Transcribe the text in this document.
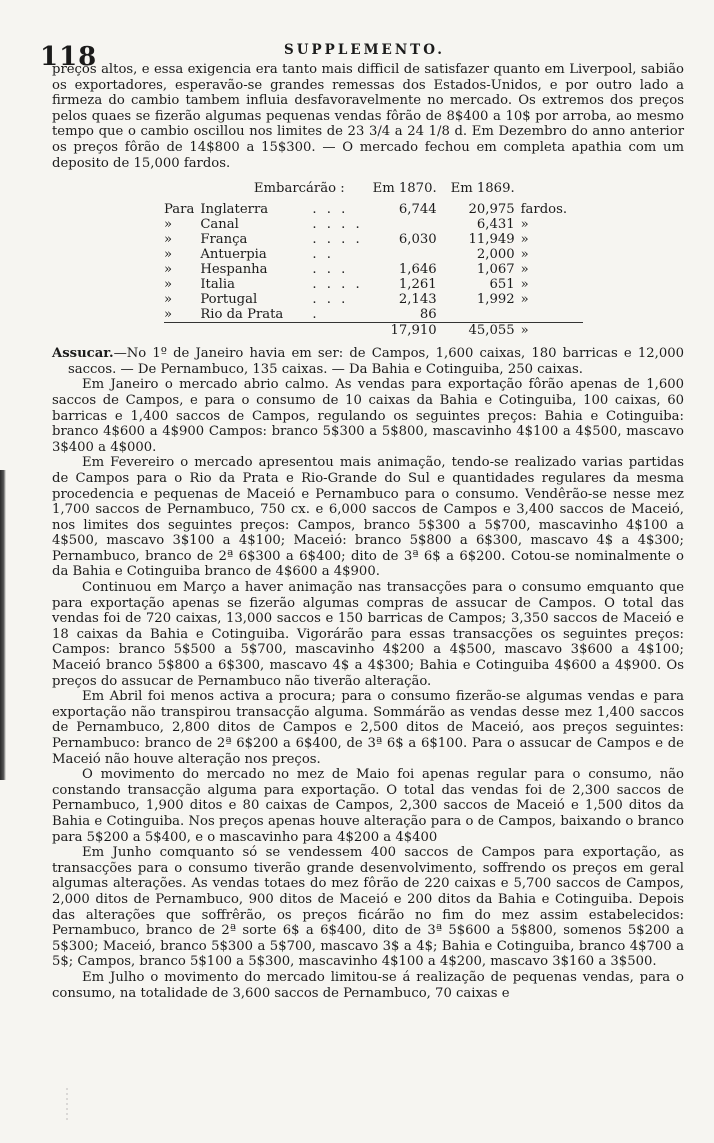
118	SUPPLEMENTO.

preços altos, e essa exigencia era tanto mais difficil de satisfazer quanto em Liverpool, sabião os exportadores, esperavão-se grandes remessas dos Estados-Unidos, e por outro lado a firmeza do cambio tambem influia desfavoravelmente no mercado. Os extremos dos preços pelos quaes se fizerão algumas pequenas vendas fôrão de 8$400 a 10$ por arroba, ao mesmo tempo que o cambio oscillou nos limites de 23 3/4 a 24 1/8 d. Em Dezembro do anno anterior os preços fôrão de 14$800 a 15$300. — O mercado fechou em completa apathia com um deposito de 15,000 fardos.

Embarcárão :			Em 1870.	Em 1869.	
Para	Inglaterra	. . .	6,744	20,975	fardos.
»	Canal	. . . .		6,431	»
»	França	. . . .	6,030	11,949	»
»	Antuerpia	. .		2,000	»
»	Hespanha	. . .	1,646	1,067	»
»	Italia	. . . .	1,261	651	»
»	Portugal	. . .	2,143	1,992	»
»	Rio da Prata	.	86		
			17,910	45,055	»

Assucar.—No 1º de Janeiro havia em ser: de Campos, 1,600 caixas, 180 barricas e 12,000 saccos. — De Pernambuco, 135 caixas. — Da Bahia e Cotinguiba, 250 caixas.

Em Janeiro o mercado abrio calmo. As vendas para exportação fôrão apenas de 1,600 saccos de Campos, e para o consumo de 10 caixas da Bahia e Cotinguiba, 100 caixas, 60 barricas e 1,400 saccos de Campos, regulando os seguintes preços: Bahia e Cotinguiba: branco 4$600 a 4$900 Campos: branco 5$300 a 5$800, mascavinho 4$100 a 4$500, mascavo 3$400 a 4$000.

Em Fevereiro o mercado apresentou mais animação, tendo-se realizado varias partidas de Campos para o Rio da Prata e Rio-Grande do Sul e quantidades regulares da mesma procedencia e pequenas de Maceió e Pernambuco para o consumo. Vendêrão-se nesse mez 1,700 saccos de Pernambuco, 750 cx. e 6,000 saccos de Campos e 3,400 saccos de Maceió, nos limites dos seguintes preços: Campos, branco 5$300 a 5$700, mascavinho 4$100 a 4$500, mascavo 3$100 a 4$100; Maceió: branco 5$800 a 6$300, mascavo 4$ a 4$300; Pernambuco, branco de 2ª 6$300 a 6$400; dito de 3ª 6$ a 6$200. Cotou-se nominalmente o da Bahia e Cotinguiba branco de 4$600 a 4$900.

Continuou em Março a haver animação nas transacções para o consumo emquanto que para exportação apenas se fizerão algumas compras de assucar de Campos. O total das vendas foi de 720 caixas, 13,000 saccos e 150 barricas de Campos; 3,350 saccos de Maceió e 18 caixas da Bahia e Cotinguiba. Vigorárão para essas transacções os seguintes preços: Campos: branco 5$500 a 5$700, mascavinho 4$200 a 4$500, mascavo 3$600 a 4$100; Maceió branco 5$800 a 6$300, mascavo 4$ a 4$300; Bahia e Cotinguiba 4$600 a 4$900. Os preços do assucar de Pernambuco não tiverão alteração.

Em Abril foi menos activa a procura; para o consumo fizerão-se algumas vendas e para exportação não transpirou transacção alguma. Sommárão as vendas desse mez 1,400 saccos de Pernambuco, 2,800 ditos de Campos e 2,500 ditos de Maceió, aos preços seguintes: Pernambuco: branco de 2ª 6$200 a 6$400, de 3ª 6$ a 6$100. Para o assucar de Campos e de Maceió não houve alteração nos preços.

O movimento do mercado no mez de Maio foi apenas regular para o consumo, não constando transacção alguma para exportação. O total das vendas foi de 2,300 saccos de Pernambuco, 1,900 ditos e 80 caixas de Campos, 2,300 saccos de Maceió e 1,500 ditos da Bahia e Cotinguiba. Nos preços apenas houve alteração para o de Campos, baixando o branco para 5$200 a 5$400, e o mascavinho para 4$200 a 4$400

Em Junho comquanto só se vendessem 400 saccos de Campos para exportação, as transacções para o consumo tiverão grande desenvolvimento, soffrendo os preços em geral algumas alterações. As vendas totaes do mez fôrão de 220 caixas e 5,700 saccos de Campos, 2,000 ditos de Pernambuco, 900 ditos de Maceió e 200 ditos da Bahia e Cotinguiba. Depois das alterações que soffrêrão, os preços ficárão no fim do mez assim estabelecidos: Pernambuco, branco de 2ª sorte 6$ a 6$400, dito de 3ª 5$600 a 5$800, somenos 5$200 a 5$300; Maceió, branco 5$300 a 5$700, mascavo 3$ a 4$; Bahia e Cotinguiba, branco 4$700 a 5$; Campos, branco 5$100 a 5$300, mascavinho 4$100 a 4$200, mascavo 3$160 a 3$500.

Em Julho o movimento do mercado limitou-se á realização de pequenas vendas, para o consumo, na totalidade de 3,600 saccos de Pernambuco, 70 caixas e
